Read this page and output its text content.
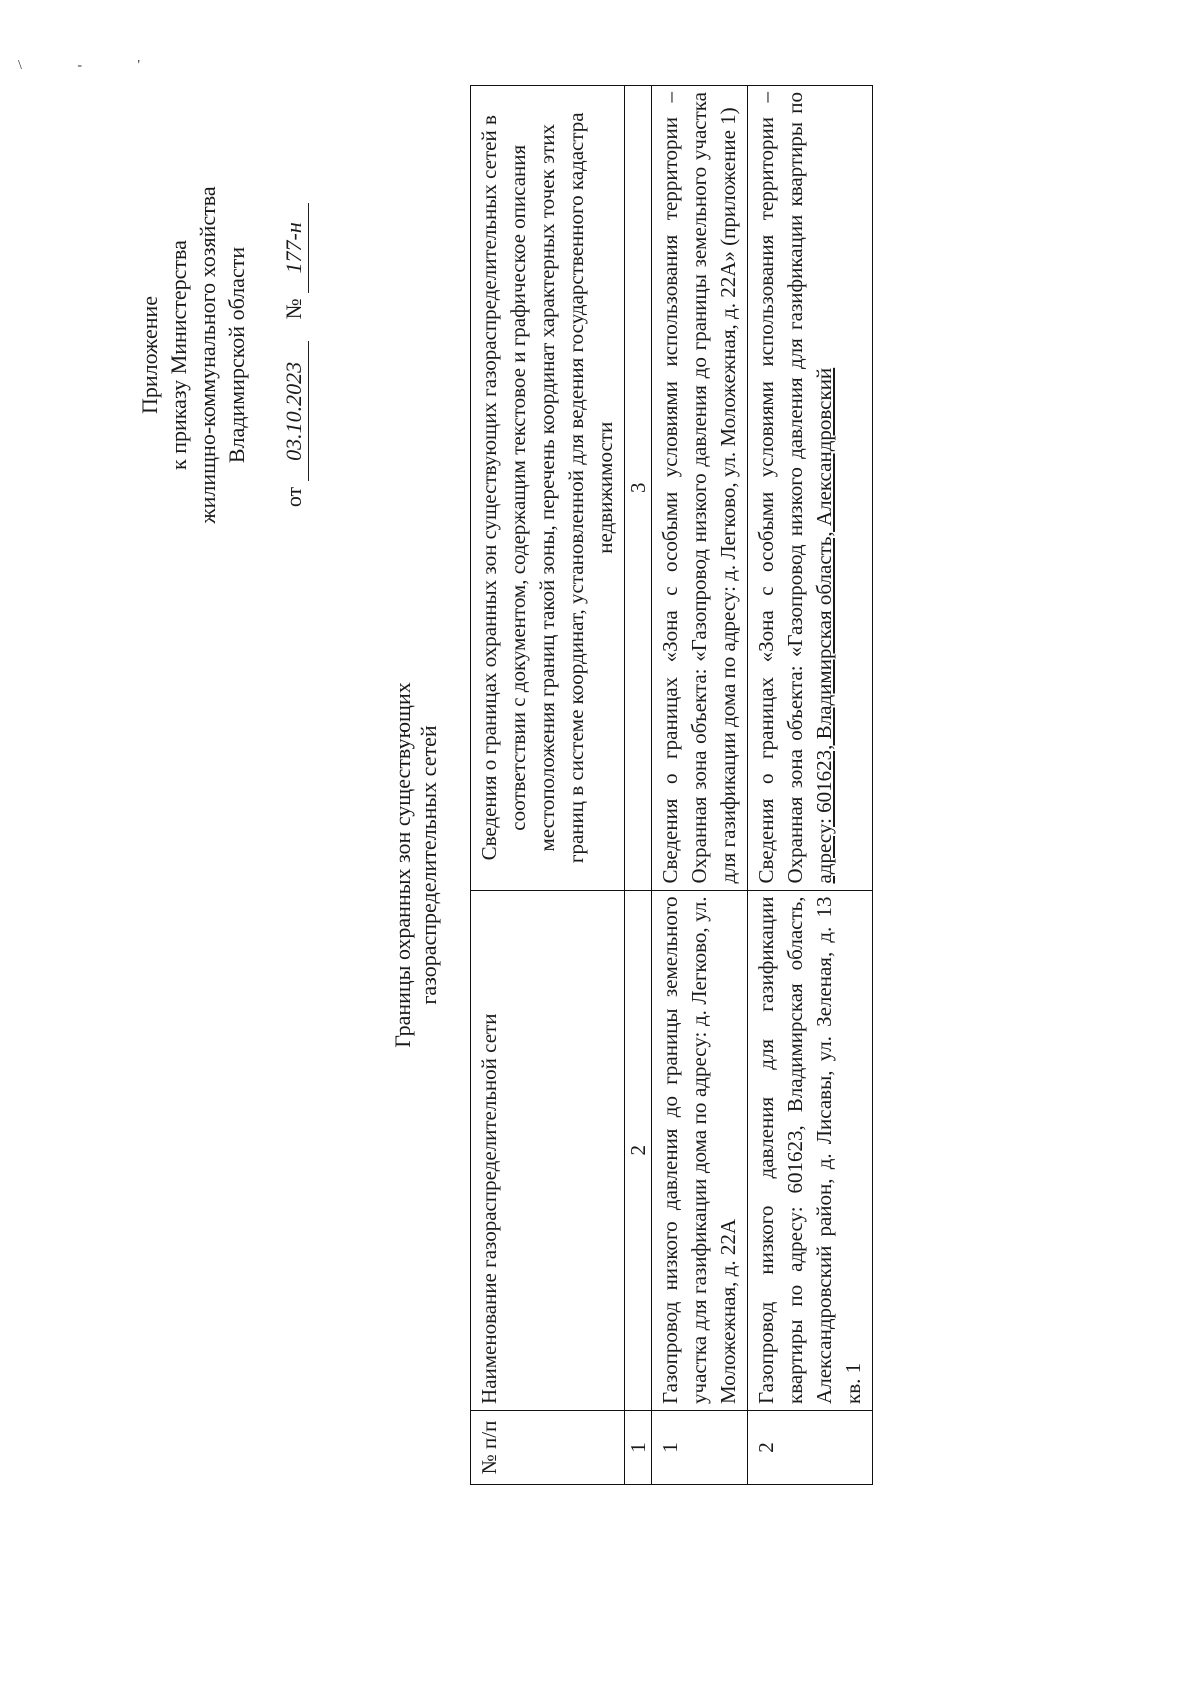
\ - '
Приложение к приказу Министерства жилищно-коммунального хозяйства Владимирской области
от 03.10.2023    № 177-н
Границы охранных зон существующих газораспределительных сетей
№ п/п	Наименование газораспределительной сети	Сведения о границах охранных зон существующих газораспределительных сетей в соответствии с документом, содержащим текстовое и графическое описания местоположения границ такой зоны, перечень координат характерных точек этих границ в системе координат, установленной для ведения государственного кадастра недвижимости
1	2	3
1	Газопровод низкого давления до границы земельного участка для газификации дома по адресу: д. Легково, ул. Моложежная, д. 22А	Сведения о границах «Зона с особыми условиями использования территории – Охранная зона объекта: «Газопровод низкого давления до границы земельного участка для газификации дома по адресу: д. Легково, ул. Моложежная, д. 22А» (приложение 1)
2	Газопровод низкого давления для газификации квартиры по адресу: 601623, Владимирская область, Александровский район, д. Лисавы, ул. Зеленая, д. 13 кв. 1	Сведения о границах «Зона с особыми условиями использования территории – Охранная зона объекта: «Газопровод низкого давления для газификации квартиры по адресу: 601623, Владимирская область, Александровский
